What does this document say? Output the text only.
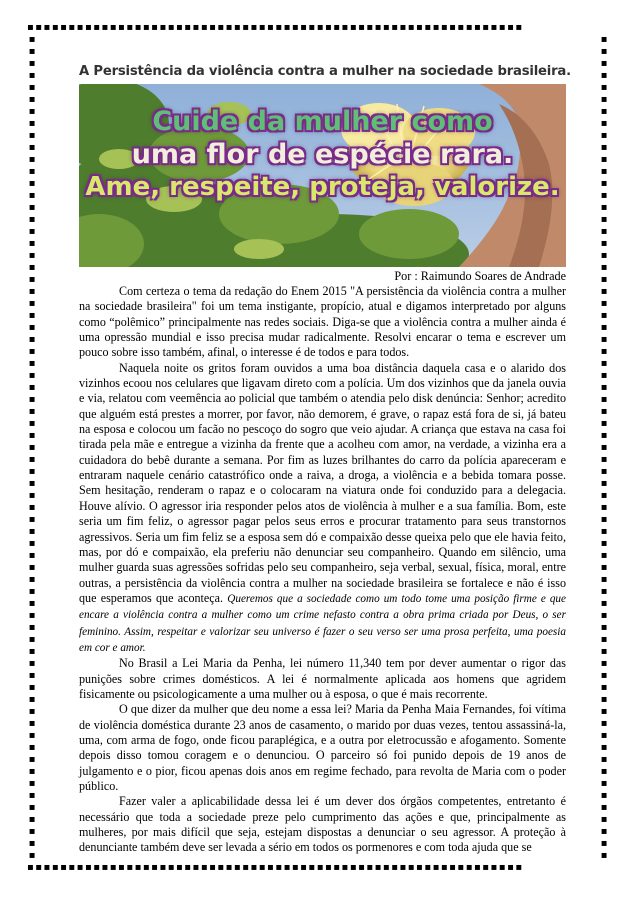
▪︎▪︎▪︎▪︎▪︎▪︎▪︎▪︎▪︎▪︎▪︎▪︎▪︎▪︎▪︎▪︎▪︎▪︎▪︎▪︎▪︎▪︎▪︎▪︎▪︎▪︎▪︎▪︎▪︎▪︎▪︎▪︎▪︎▪︎▪︎▪︎▪︎▪︎▪︎▪︎▪︎▪︎▪︎▪︎▪︎▪︎▪︎▪︎▪︎▪︎▪︎▪︎▪︎▪︎▪︎▪︎▪︎▪︎▪︎▪︎
▪︎▪︎▪︎▪︎▪︎▪︎▪︎▪︎▪︎▪︎▪︎▪︎▪︎▪︎▪︎▪︎▪︎▪︎▪︎▪︎▪︎▪︎▪︎▪︎▪︎▪︎▪︎▪︎▪︎▪︎▪︎▪︎▪︎▪︎▪︎▪︎▪︎▪︎▪︎▪︎▪︎▪︎▪︎▪︎▪︎▪︎▪︎▪︎▪︎▪︎▪︎▪︎▪︎▪︎▪︎▪︎▪︎▪︎▪︎▪︎
▪
▪
▪
▪
▪
▪
▪
▪
▪
▪
▪
▪
▪
▪
▪
▪
▪
▪
▪
▪
▪
▪
▪
▪
▪
▪
▪
▪
▪
▪
▪
▪
▪
▪
▪
▪
▪
▪
▪
▪
▪
▪
▪
▪
▪
▪
▪
▪
▪
▪
▪
▪
▪
▪
▪
▪
▪
▪
▪
▪
▪
▪
▪
▪
▪
▪
▪
▪
▪
▪
▪
▪
▪
▪
▪
▪
▪
▪
▪
▪
▪
▪
▪
▪
▪
▪
▪
▪
▪
▪
▪
▪
▪
▪
▪
▪
▪
▪
▪
▪
▪
▪
▪
▪
▪
▪
▪
▪
▪
▪
▪
▪
▪
▪
▪
▪
▪
▪
▪
▪
▪
▪
▪
▪
▪
▪
▪
▪
▪
▪
▪
▪
▪
▪
▪
▪
▪
▪
A Persistência da violência contra a mulher na sociedade brasileira.
Cuide da mulher como
uma flor de espécie rara.
Ame, respeite, proteja, valorize.
Por : Raimundo Soares de Andrade

Com certeza o tema da redação do Enem 2015 "A persistência da violência contra a mulher na sociedade brasileira" foi um tema instigante, propício, atual e digamos interpretado por alguns como “polêmico” principalmente nas redes sociais. Diga-se que a violência contra a mulher ainda é uma opressão mundial e isso precisa mudar radicalmente. Resolvi encarar o tema e escrever um pouco sobre isso também, afinal, o interesse é de todos e para todos.

Naquela noite os gritos foram ouvidos a uma boa distância daquela casa e o alarido dos vizinhos ecoou nos celulares que ligavam direto com a polícia. Um dos vizinhos que da janela ouvia e via, relatou com veemência ao policial que também o atendia pelo disk denúncia: Senhor; acredito que alguém está prestes a morrer, por favor, não demorem, é grave, o rapaz está fora de si, já bateu na esposa e colocou um facão no pescoço do sogro que veio ajudar. A criança que estava na casa foi tirada pela mãe e entregue a vizinha da frente que a acolheu com amor, na verdade, a vizinha era a cuidadora do bebê durante a semana. Por fim as luzes brilhantes do carro da polícia apareceram e entraram naquele cenário catastrófico onde a raiva, a droga, a violência e a bebida tomara posse. Sem hesitação, renderam o rapaz e o colocaram na viatura onde foi conduzido para a delegacia. Houve alívio. O agressor iria responder pelos atos de violência à mulher e a sua família. Bom, este seria um fim feliz, o agressor pagar pelos seus erros e procurar tratamento para seus transtornos agressivos. Seria um fim feliz se a esposa sem dó e compaixão desse queixa pelo que ele havia feito, mas, por dó e compaixão, ela preferiu não denunciar seu companheiro. Quando em silêncio, uma mulher guarda suas agressões sofridas pelo seu companheiro, seja verbal, sexual, física, moral, entre outras, a persistência da violência contra a mulher na sociedade brasileira se fortalece e não é isso que esperamos que aconteça. Queremos que a sociedade como um todo tome uma posição firme e que encare a violência contra a mulher como um crime nefasto contra a obra prima criada por Deus, o ser feminino. Assim, respeitar e valorizar seu universo é fazer o seu verso ser uma prosa perfeita, uma poesia em cor e amor.

No Brasil a Lei Maria da Penha, lei número 11,340 tem por dever aumentar o rigor das punições sobre crimes domésticos. A lei é normalmente aplicada aos homens que agridem fisicamente ou psicologicamente a uma mulher ou à esposa, o que é mais recorrente.

O que dizer da mulher que deu nome a essa lei? Maria da Penha Maia Fernandes, foi vítima de violência doméstica durante 23 anos de casamento, o marido por duas vezes, tentou assassiná-la, uma, com arma de fogo, onde ficou paraplégica, e a outra por eletrocussão e afogamento. Somente depois disso tomou coragem e o denunciou. O parceiro só foi punido depois de 19 anos de julgamento e o pior, ficou apenas dois anos em regime fechado, para revolta de Maria com o poder público.

Fazer valer a aplicabilidade dessa lei é um dever dos órgãos competentes, entretanto é necessário que toda a sociedade preze pelo cumprimento das ações e que, principalmente as mulheres, por mais difícil que seja, estejam dispostas a denunciar o seu agressor. A proteção à denunciante também deve ser levada a sério em todos os pormenores e com toda ajuda que se
